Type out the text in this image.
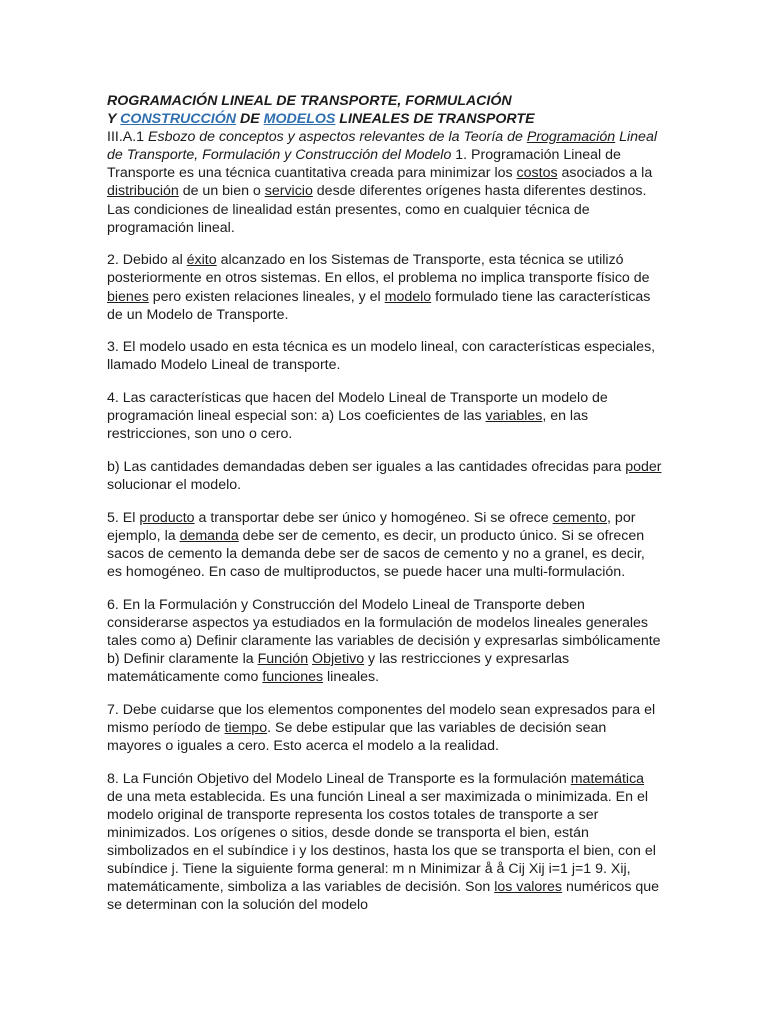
ROGRAMACIÓN LINEAL DE TRANSPORTE, FORMULACIÓN
Y CONSTRUCCIÓN DE MODELOS LINEALES DE TRANSPORTE

III.A.1 Esbozo de conceptos y aspectos relevantes de la Teoría de Programación Lineal de Transporte, Formulación y Construcción del Modelo 1. Programación Lineal de Transporte es una técnica cuantitativa creada para minimizar los costos asociados a la distribución de un bien o servicio desde diferentes orígenes hasta diferentes destinos. Las condiciones de linealidad están presentes, como en cualquier técnica de programación lineal.

2. Debido al éxito alcanzado en los Sistemas de Transporte, esta técnica se utilizó posteriormente en otros sistemas. En ellos, el problema no implica transporte físico de bienes pero existen relaciones lineales, y el modelo formulado tiene las características de un Modelo de Transporte.

3. El modelo usado en esta técnica es un modelo lineal, con características especiales, llamado Modelo Lineal de transporte.

4. Las características que hacen del Modelo Lineal de Transporte un modelo de programación lineal especial son: a) Los coeficientes de las variables, en las restricciones, son uno o cero.

b) Las cantidades demandadas deben ser iguales a las cantidades ofrecidas para poder solucionar el modelo.

5. El producto a transportar debe ser único y homogéneo. Si se ofrece cemento, por ejemplo, la demanda debe ser de cemento, es decir, un producto único. Si se ofrecen sacos de cemento la demanda debe ser de sacos de cemento y no a granel, es decir, es homogéneo. En caso de multiproductos, se puede hacer una multi-formulación.

6. En la Formulación y Construcción del Modelo Lineal de Transporte deben considerarse aspectos ya estudiados en la formulación de modelos lineales generales tales como a) Definir claramente las variables de decisión y expresarlas simbólicamente b) Definir claramente la Función Objetivo y las restricciones y expresarlas matemáticamente como funciones lineales.

7. Debe cuidarse que los elementos componentes del modelo sean expresados para el mismo período de tiempo. Se debe estipular que las variables de decisión sean mayores o iguales a cero. Esto acerca el modelo a la realidad.

8. La Función Objetivo del Modelo Lineal de Transporte es la formulación matemática de una meta establecida. Es una función Lineal a ser maximizada o minimizada. En el modelo original de transporte representa los costos totales de transporte a ser minimizados. Los orígenes o sitios, desde donde se transporta el bien, están simbolizados en el subíndice i y los destinos, hasta los que se transporta el bien, con el subíndice j. Tiene la siguiente forma general: m n Minimizar å å Cij Xij i=1 j=1 9. Xij, matemáticamente, simboliza a las variables de decisión. Son los valores numéricos que se determinan con la solución del modelo
